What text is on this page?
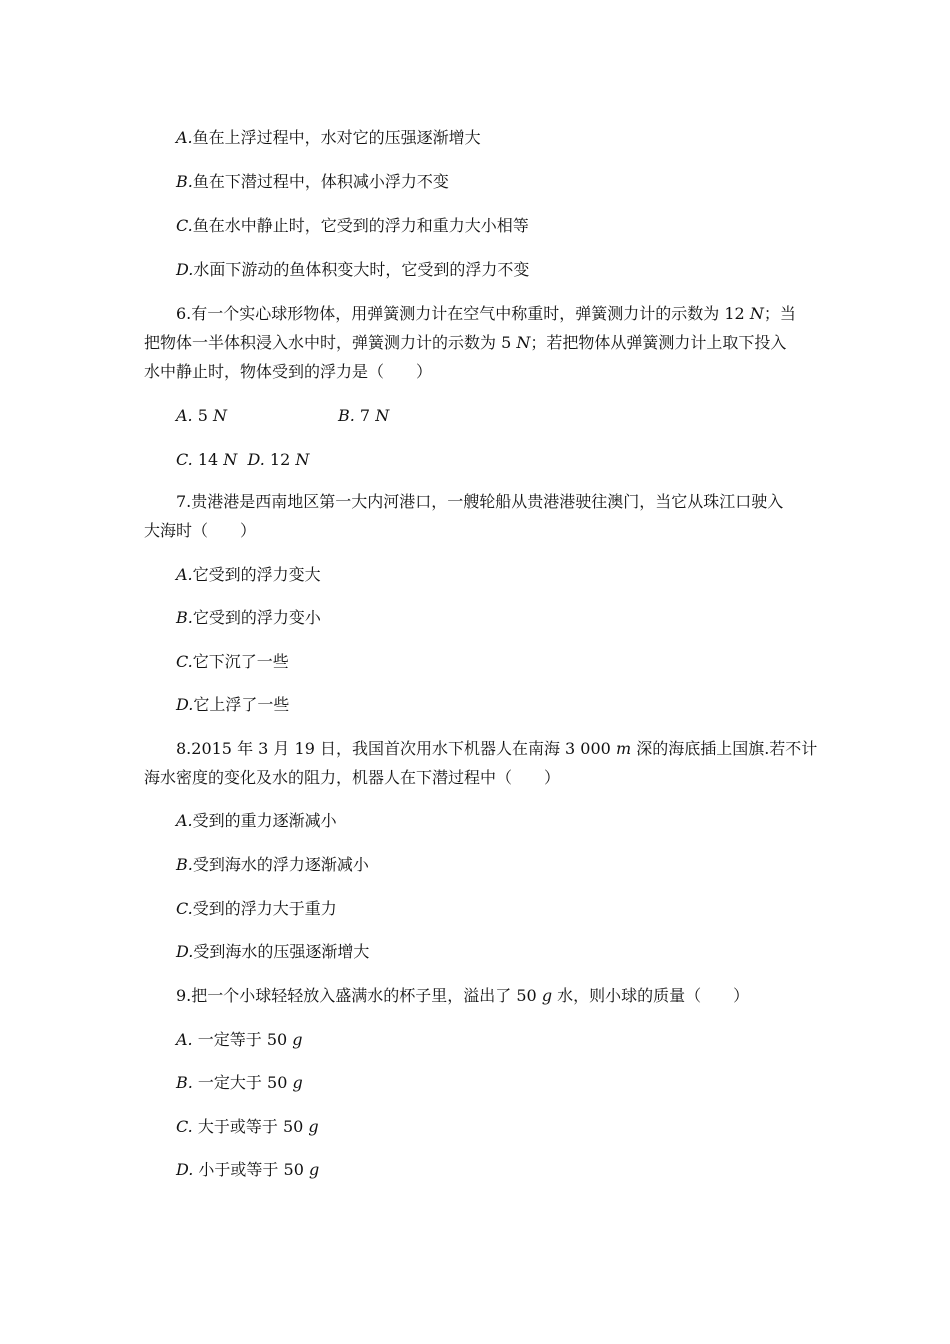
A.鱼在上浮过程中，水对它的压强逐渐增大
B.鱼在下潜过程中，体积减小浮力不变
C.鱼在水中静止时，它受到的浮力和重力大小相等
D.水面下游动的鱼体积变大时，它受到的浮力不变
6.有一个实心球形物体，用弹簧测力计在空气中称重时，弹簧测力计的示数为 12 N；当
把物体一半体积浸入水中时，弹簧测力计的示数为 5 N；若把物体从弹簧测力计上取下投入
水中静止时，物体受到的浮力是（　　）
A. 5 N	B. 7 N
C. 14 N D. 12 N
7.贵港港是西南地区第一大内河港口，一艘轮船从贵港港驶往澳门，当它从珠江口驶入
大海时（　　）
A.它受到的浮力变大
B.它受到的浮力变小
C.它下沉了一些
D.它上浮了一些
8.2015 年 3 月 19 日，我国首次用水下机器人在南海 3 000 m 深的海底插上国旗.若不计
海水密度的变化及水的阻力，机器人在下潜过程中（　　）
A.受到的重力逐渐减小
B.受到海水的浮力逐渐减小
C.受到的浮力大于重力
D.受到海水的压强逐渐增大
9.把一个小球轻轻放入盛满水的杯子里，溢出了 50 g 水，则小球的质量（　　）
A. 一定等于 50 g
B. 一定大于 50 g
C. 大于或等于 50 g
D. 小于或等于 50 g
